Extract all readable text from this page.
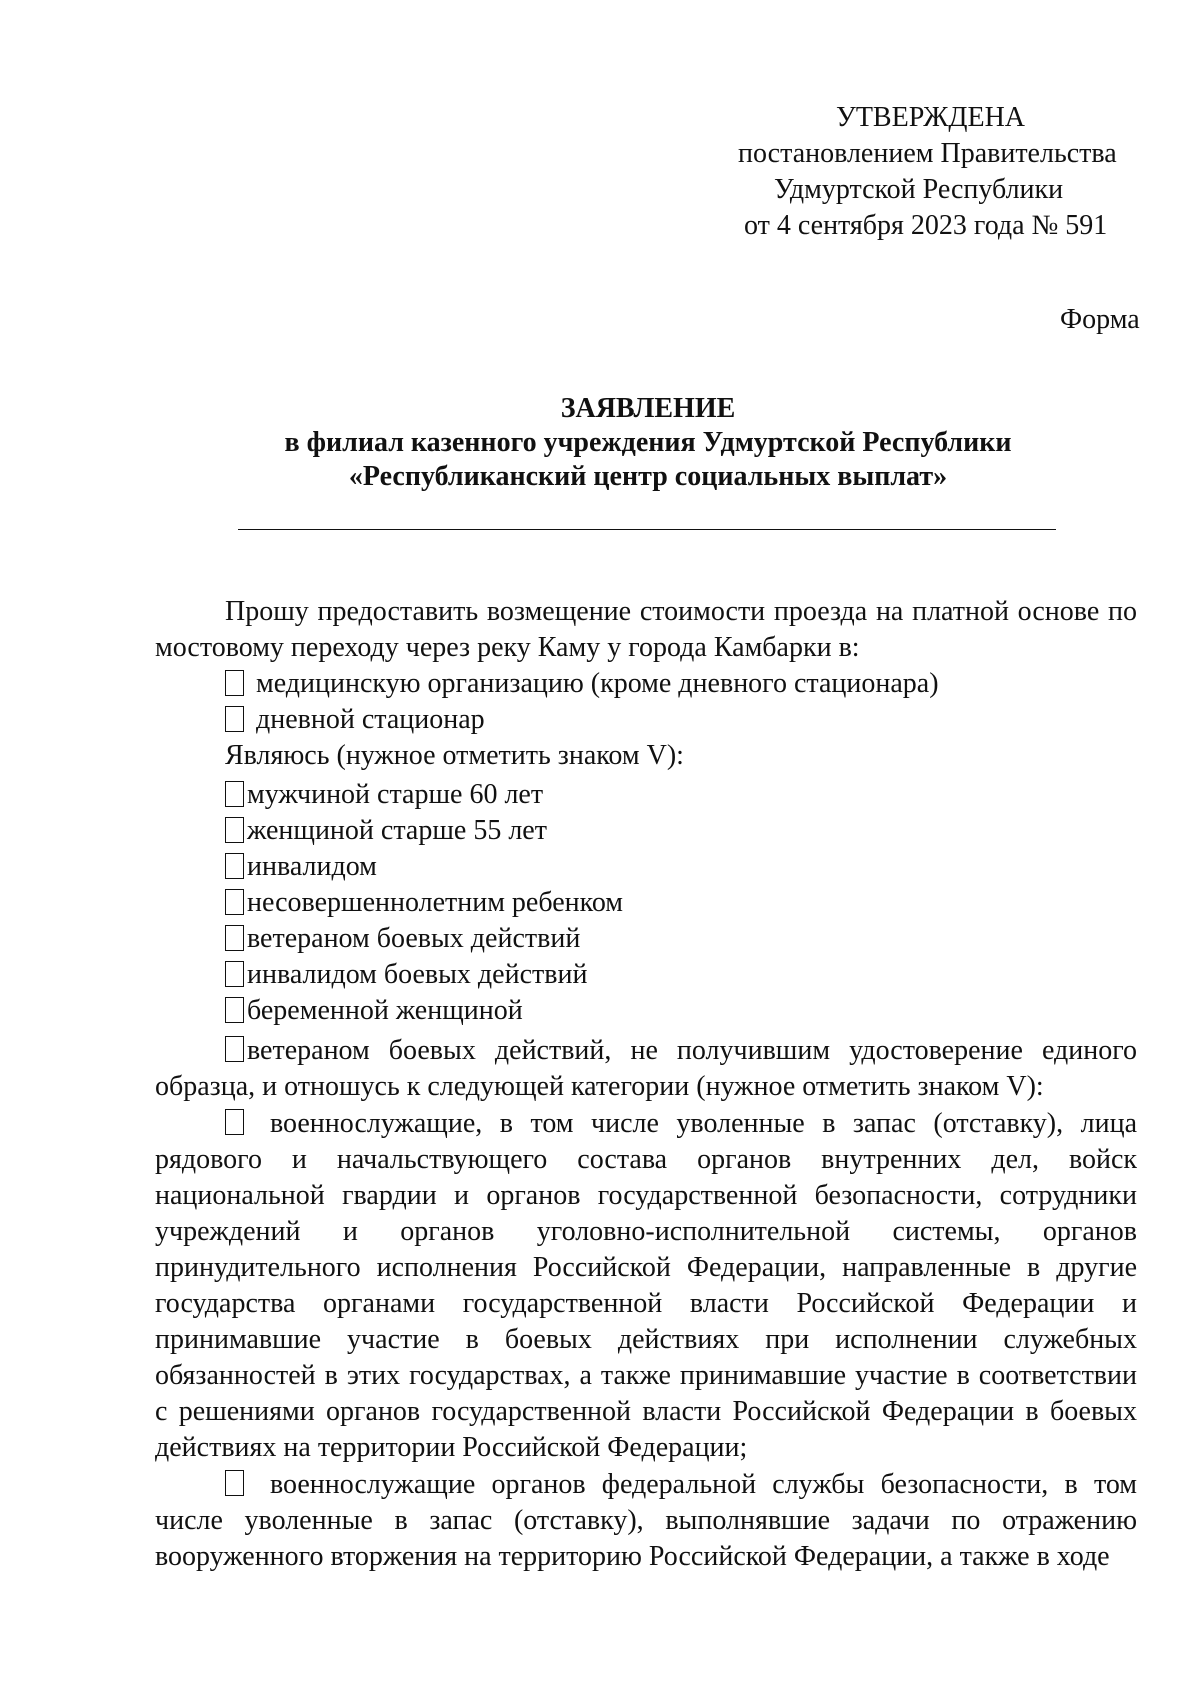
УТВЕРЖДЕНА
постановлением Правительства
Удмуртской Республики
от 4 сентября 2023 года № 591
Форма
ЗАЯВЛЕНИЕ
в филиал казенного учреждения Удмуртской Республики
«Республиканский центр социальных выплат»

Прошу предоставить возмещение стоимости проезда на платной основе по мостовому переходу через реку Каму у города Камбарки в:

медицинскую организацию (кроме дневного стационара)
дневной стационар
Являюсь (нужное отметить знаком V):
мужчиной старше 60 лет
женщиной старше 55 лет
инвалидом
несовершеннолетним ребенком
ветераном боевых действий
инвалидом боевых действий
беременной женщиной

ветераном боевых действий, не получившим удостоверение единого образца, и отношусь к следующей категории (нужное отметить знаком V):

военнослужащие, в том числе уволенные в запас (отставку), лица рядового и начальствующего состава органов внутренних дел, войск национальной гвардии и органов государственной безопасности, сотрудники учреждений и органов уголовно-исполнительной системы, органов принудительного исполнения Российской Федерации, направленные в другие государства органами государственной власти Российской Федерации и принимавшие участие в боевых действиях при исполнении служебных обязанностей в этих государствах, а также принимавшие участие в соответствии с решениями органов государственной власти Российской Федерации в боевых действиях на территории Российской Федерации;

военнослужащие органов федеральной службы безопасности, в том числе уволенные в запас (отставку), выполнявшие задачи по отражению вооруженного вторжения на территорию Российской Федерации, а также в ходе
